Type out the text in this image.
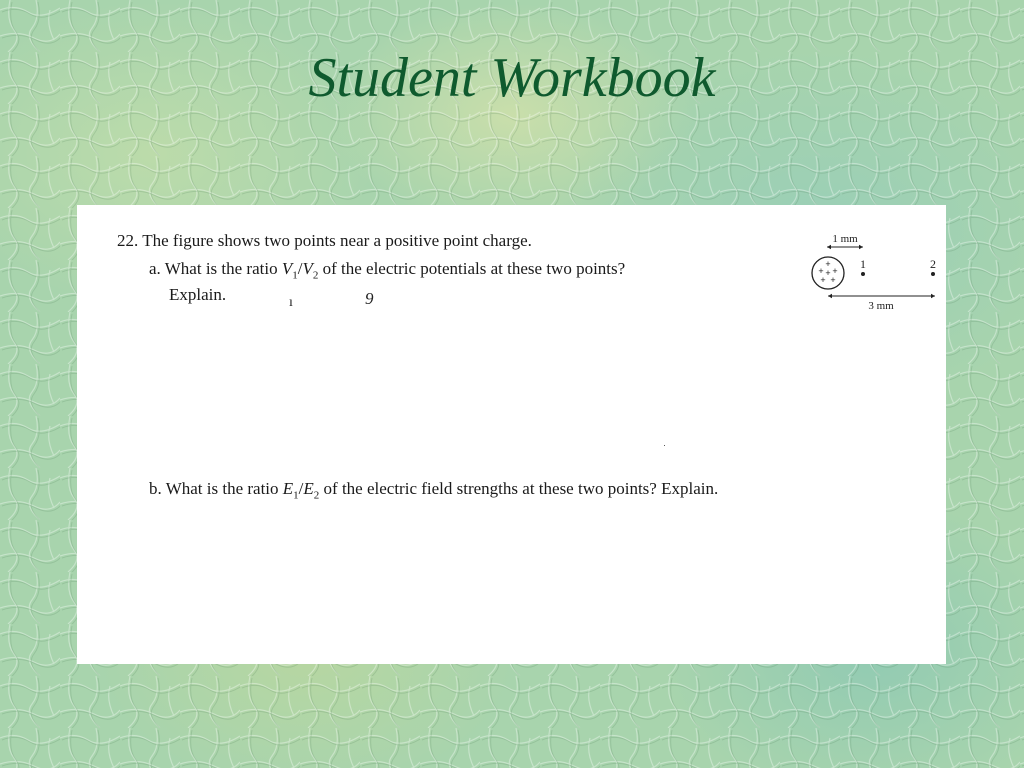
Student Workbook
22. The figure shows two points near a positive point charge.
a. What is the ratio $V_1/V_2$ of the electric potentials at these two points?
Explain.	ı	9
b. What is the ratio $E_1/E_2$ of the electric field strengths at these two points? Explain.
1 mm
+
+ +
+
+ +
1	2
3 mm
